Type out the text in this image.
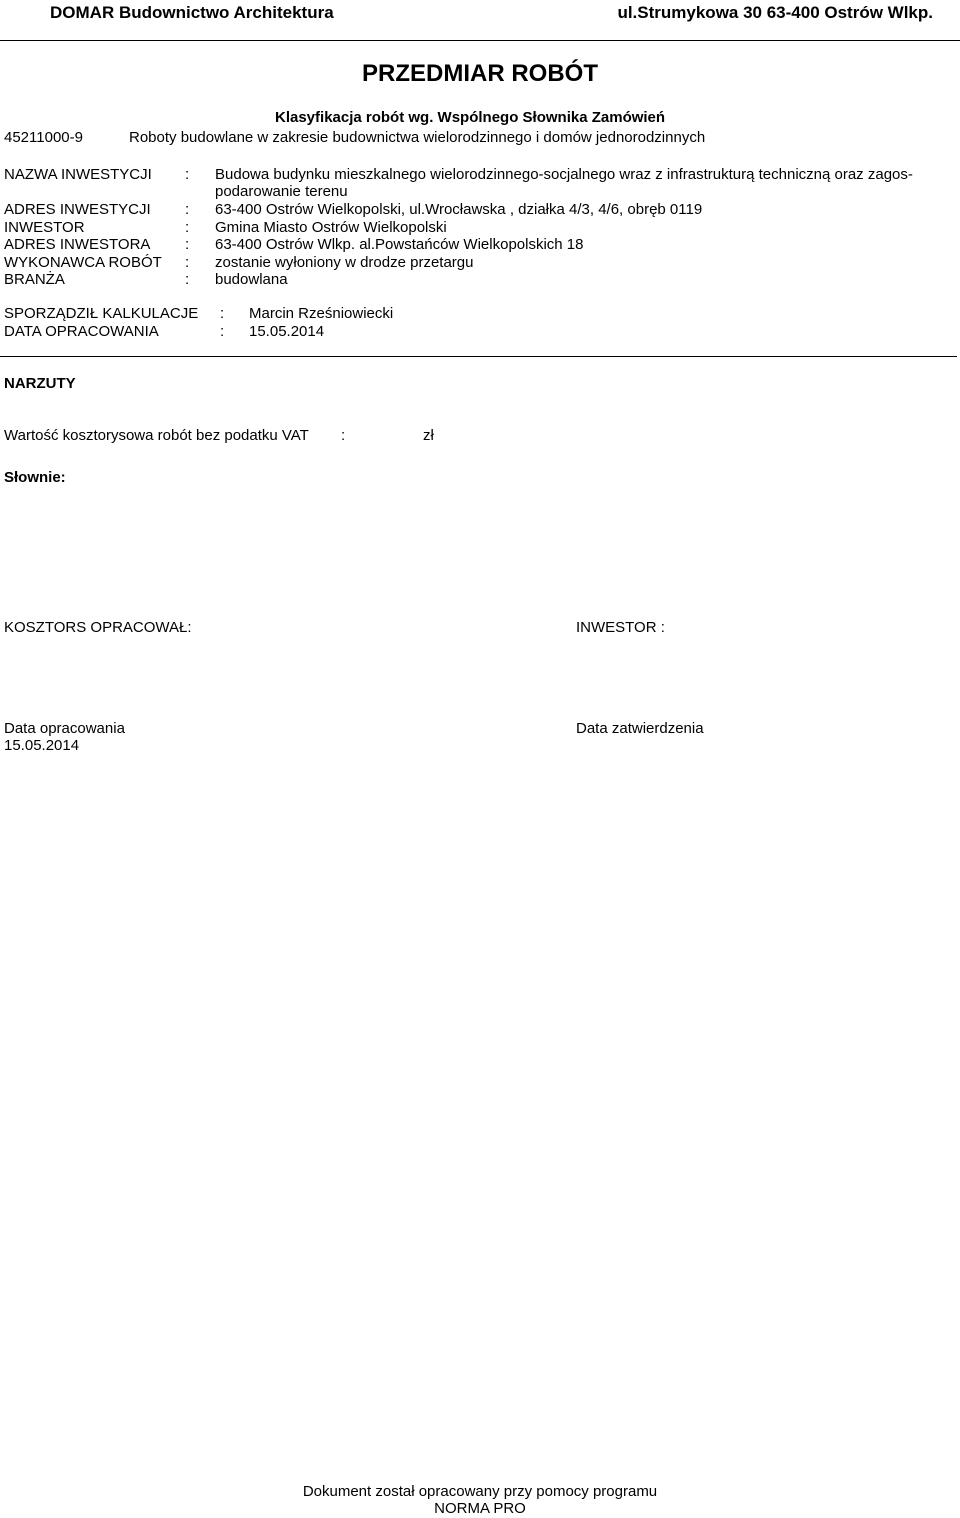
DOMAR Budownictwo Architektura	ul.Strumykowa 30 63-400 Ostrów Wlkp.
PRZEDMIAR ROBÓT
Klasyfikacja robót wg. Wspólnego Słownika Zamówień
45211000-9	Roboty budowlane w zakresie budownictwa wielorodzinnego i domów jednorodzinnych
NAZWA INWESTYCJI : Budowa budynku mieszkalnego wielorodzinnego-socjalnego wraz z infrastrukturą techniczną oraz zagos-
podarowanie terenu
ADRES INWESTYCJI : 63-400 Ostrów Wielkopolski, ul.Wrocławska , działka 4/3, 4/6, obręb 0119
INWESTOR	: Gmina Miasto Ostrów Wielkopolski
ADRES INWESTORA : 63-400 Ostrów Wlkp. al.Powstańców Wielkopolskich 18
WYKONAWCA ROBÓT : zostanie wyłoniony w drodze przetargu
BRANŻA	: budowlana
SPORZĄDZIŁ KALKULACJE : Marcin Rześniowiecki
DATA OPRACOWANIA	: 15.05.2014
NARZUTY
Wartość kosztorysowa robót bez podatku VAT :	zł
Słownie:
KOSZTORS OPRACOWAŁ:	INWESTOR :
Data opracowania
15.05.2014
Data zatwierdzenia
Dokument został opracowany przy pomocy programu
NORMA PRO
